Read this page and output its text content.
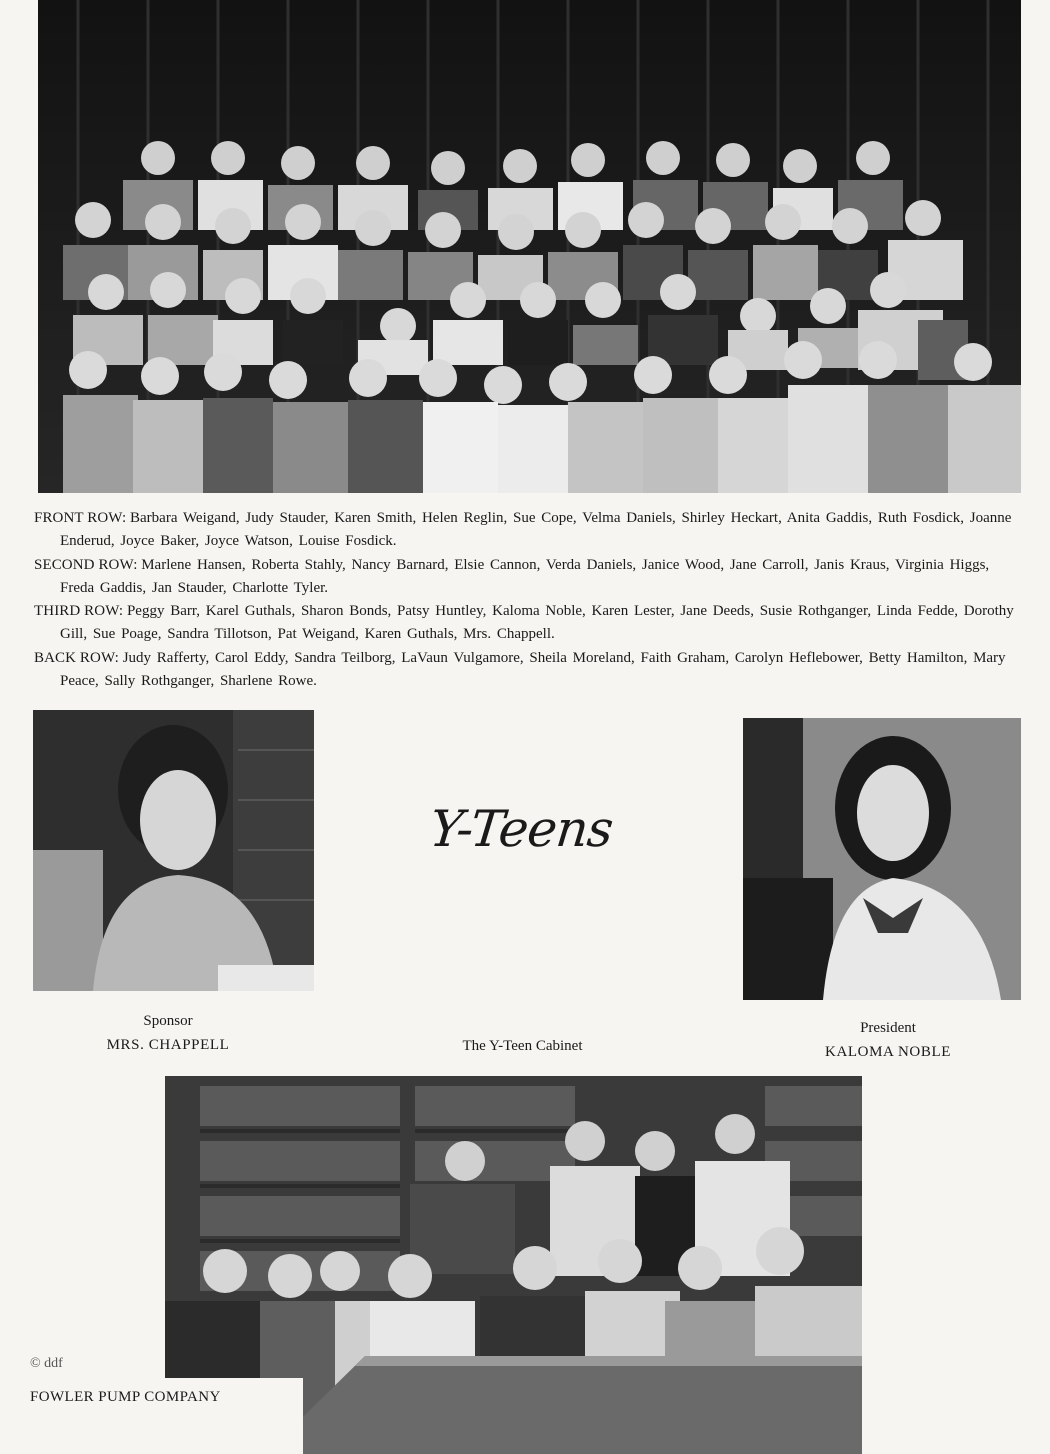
FRONT ROW: Barbara Weigand, Judy Stauder, Karen Smith, Helen Reglin, Sue Cope, Velma Daniels, Shirley Heckart, Anita Gaddis, Ruth Fosdick, Joanne Enderud, Joyce Baker, Joyce Watson, Louise Fosdick.

SECOND ROW: Marlene Hansen, Roberta Stahly, Nancy Barnard, Elsie Cannon, Verda Daniels, Janice Wood, Jane Carroll, Janis Kraus, Virginia Higgs, Freda Gaddis, Jan Stauder, Charlotte Tyler.

THIRD ROW: Peggy Barr, Karel Guthals, Sharon Bonds, Patsy Huntley, Kaloma Noble, Karen Lester, Jane Deeds, Susie Rothganger, Linda Fedde, Dorothy Gill, Sue Poage, Sandra Tillotson, Pat Weigand, Karen Guthals, Mrs. Chappell.

BACK ROW: Judy Rafferty, Carol Eddy, Sandra Teilborg, LaVaun Vulgamore, Sheila Moreland, Faith Graham, Carolyn Heflebower, Betty Hamilton, Mary Peace, Sally Rothganger, Sharlene Rowe.

Y-Teens
Sponsor
MRS. CHAPPELL	The Y-Teen Cabinet
President
KALOMA NOBLE
© ddf
FOWLER PUMP COMPANY
